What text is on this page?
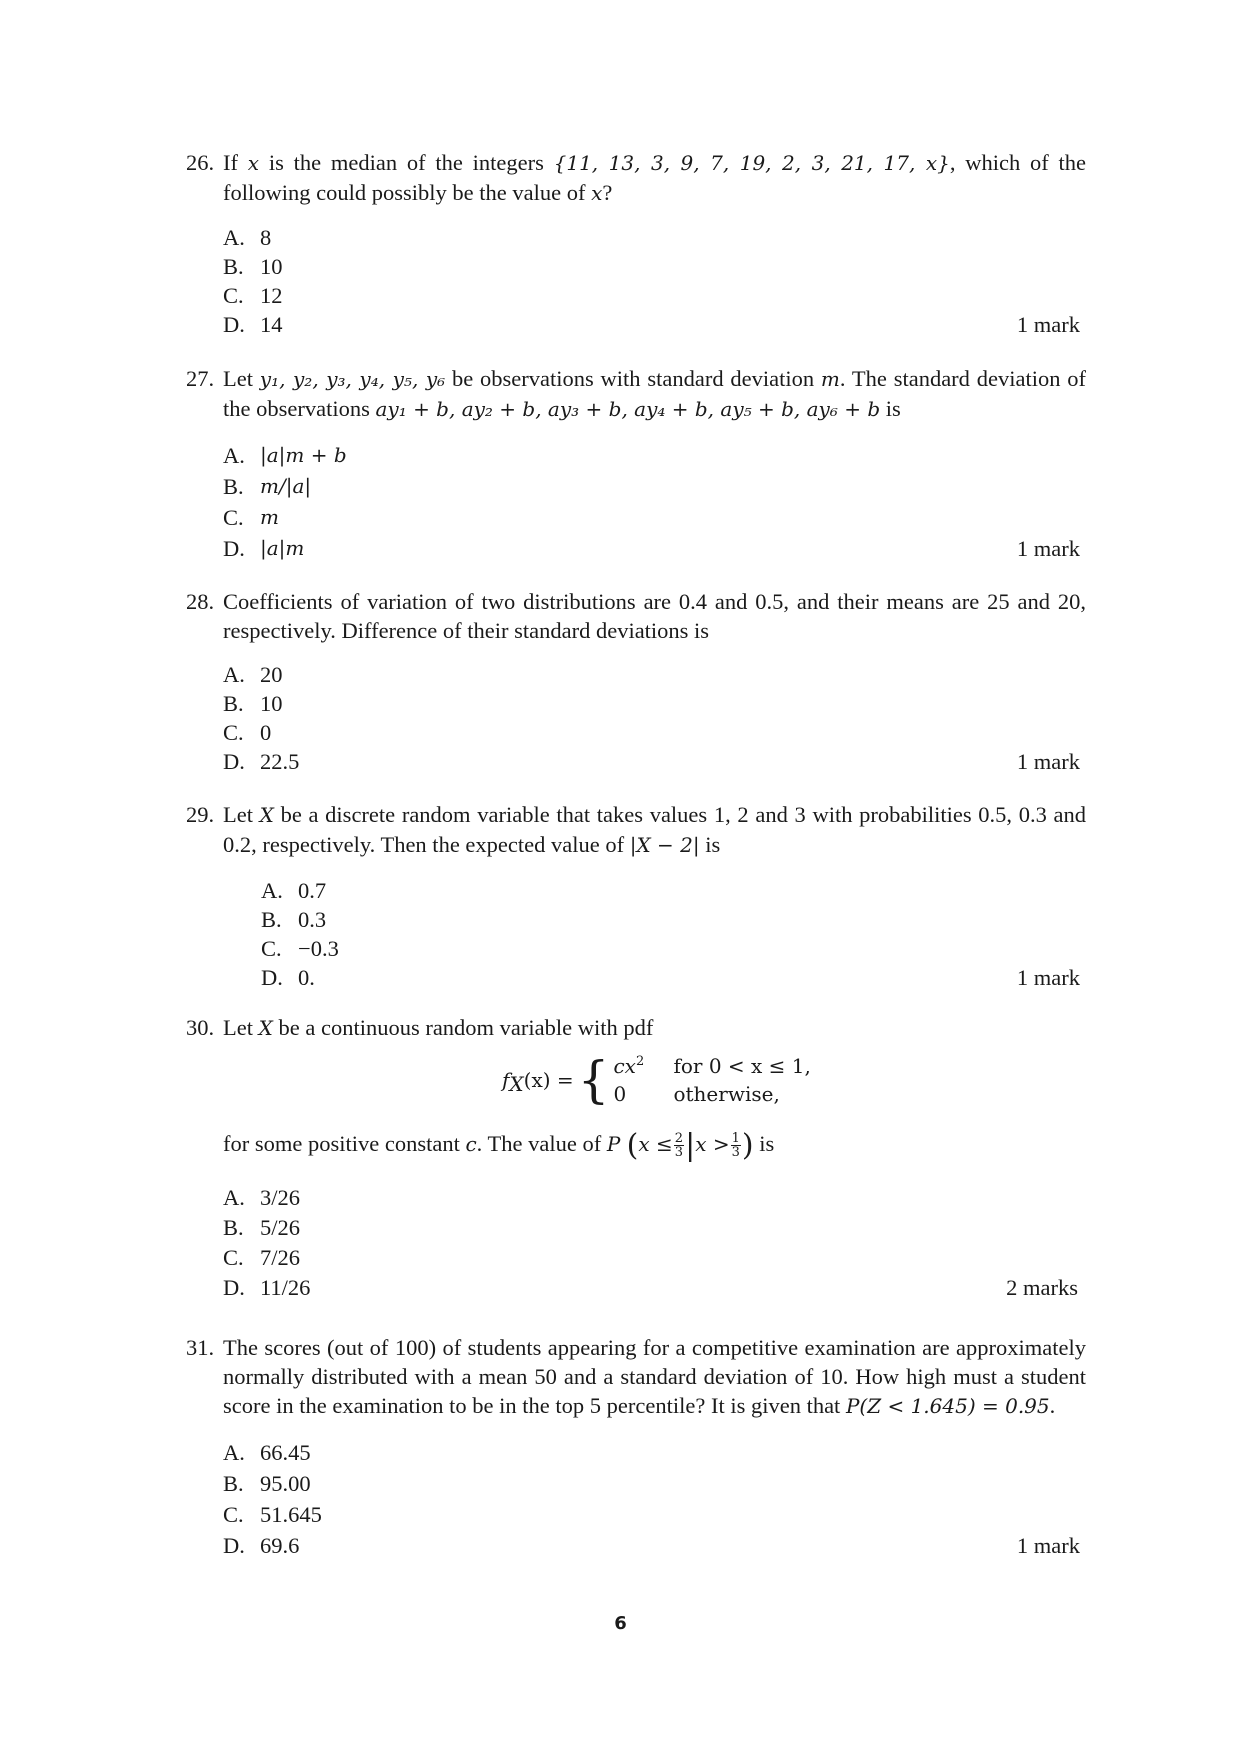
26. If x is the median of the integers {11, 13, 3, 9, 7, 19, 2, 3, 21, 17, x}, which of the following could possibly be the value of x?
A. 8
B. 10
C. 12
D. 14	1 mark
27. Let y₁, y₂, y₃, y₄, y₅, y₆ be observations with standard deviation m. The standard deviation of the observations ay₁ + b, ay₂ + b, ay₃ + b, ay₄ + b, ay₅ + b, ay₆ + b is
A. |a|m + b
B. m/|a|
C. m
D. |a|m	1 mark
28. Coefficients of variation of two distributions are 0.4 and 0.5, and their means are 25 and 20, respectively. Difference of their standard deviations is
A. 20
B. 10
C. 0
D. 22.5	1 mark
29. Let X be a discrete random variable that takes values 1, 2 and 3 with probabilities 0.5, 0.3 and 0.2, respectively. Then the expected value of |X − 2| is
A. 0.7
B. 0.3
C. −0.3
D. 0.	1 mark
30. Let X be a continuous random variable with pdf
$f_X(x)$ = { $cx^2$	for 0 < x ≤ 1,
0	otherwise,
for some positive constant c. The value of P ($x \le \frac{2}{3} |x > \frac{1}{3}$ ) is
A. 3/26
B. 5/26
C. 7/26
D. 11/26	2 marks
31. The scores (out of 100) of students appearing for a competitive examination are approximately normally distributed with a mean 50 and a standard deviation of 10. How high must a student score in the examination to be in the top 5 percentile? It is given that P(Z < 1.645) = 0.95.
A. 66.45
B. 95.00
C. 51.645
D. 69.6	1 mark
6
